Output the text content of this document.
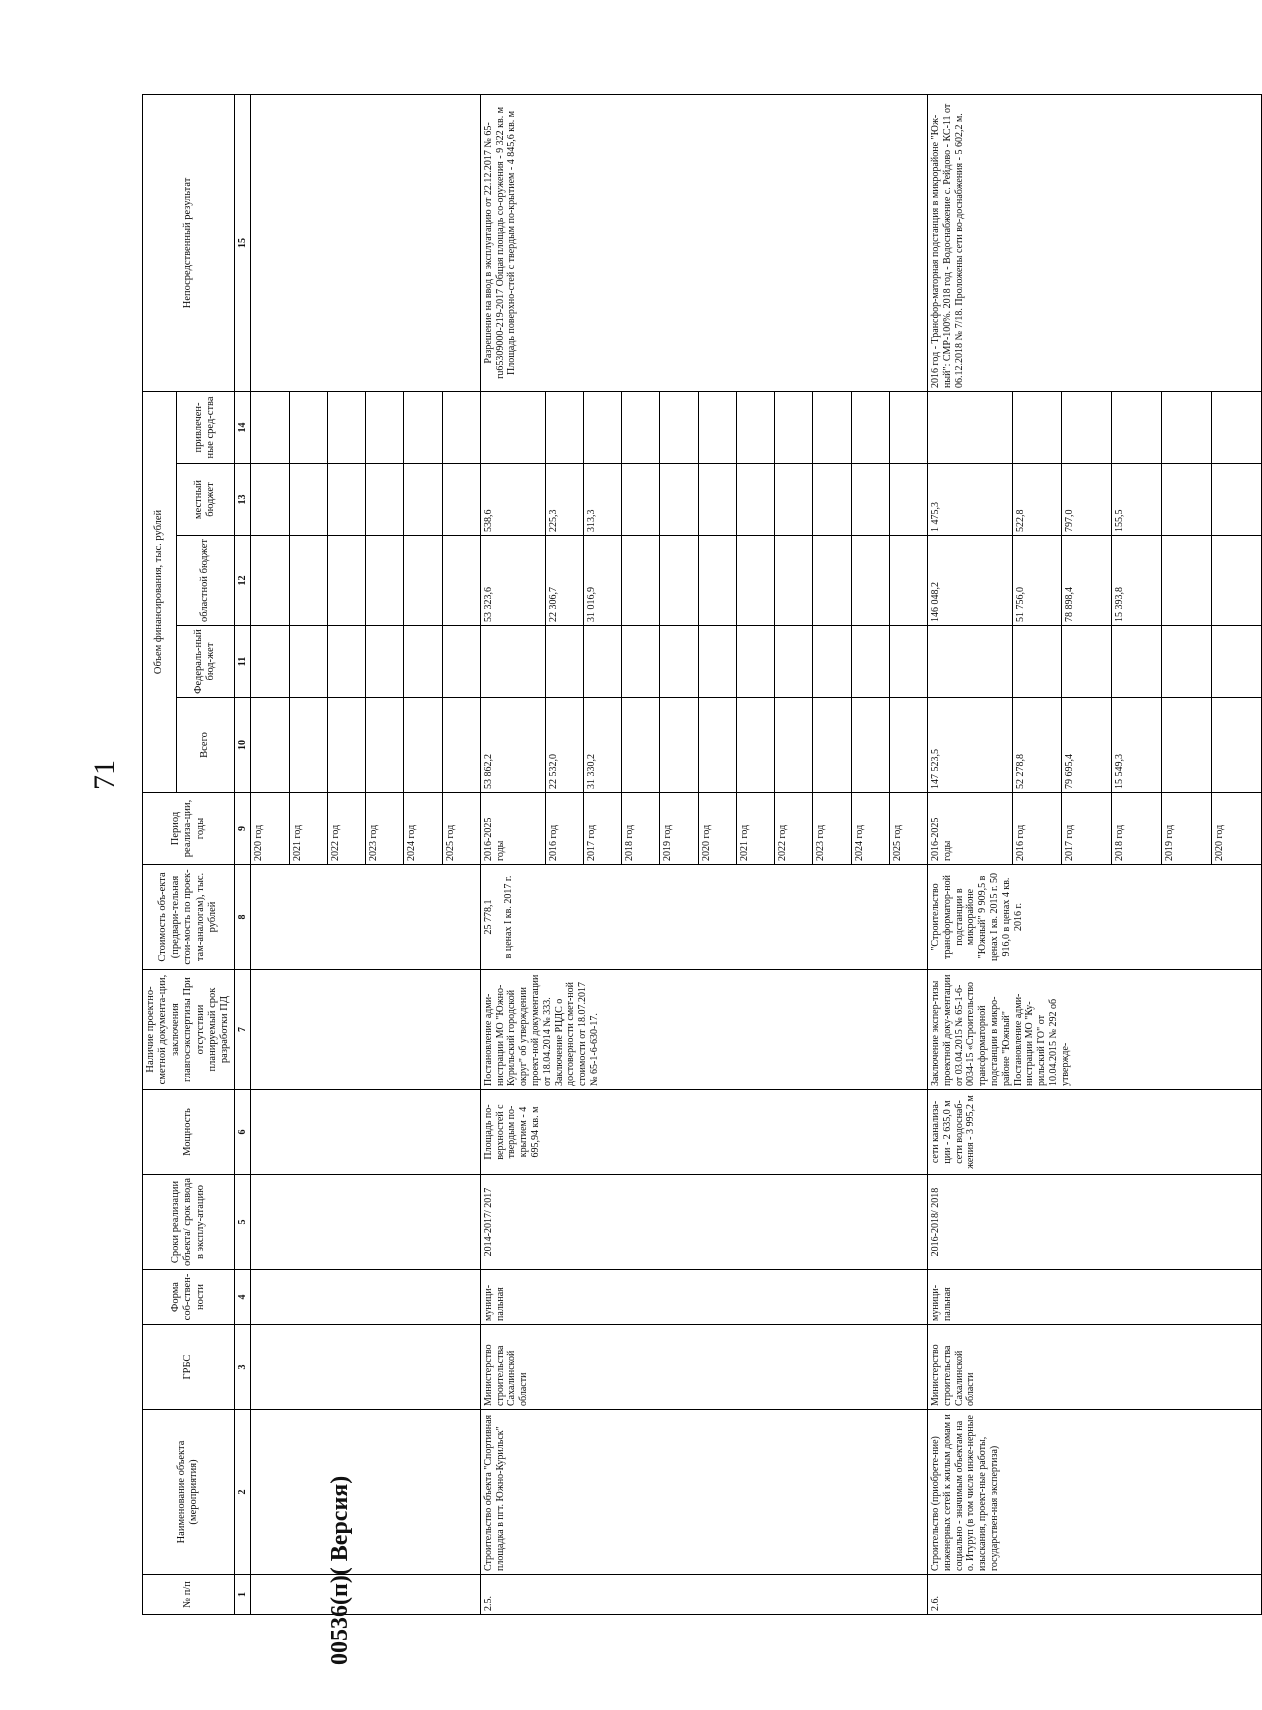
71
№ п/п	Наименование объекта (мероприятия)	ГРБС	Форма соб-ствен-ности	Сроки реализации объекта/ срок ввода в эксплу-атацию	Мощность	Наличие проектно-сметной документа-ции, заключения главгосэкспертизы При отсутствии планируемый срок разработки ПД	Стоимость объ-екта (предвари-тельная стои-мость по проек-там-аналогам), тыс. рублей	Период реализа-ции, годы	Объем финансирования, тыс. рублей					Непосредственный результат
									Всего	Федераль-ный бюд-жет	областной бюджет	местный бюджет	привлечен-ные сред-ства	
1	2	3	4	5	6	7	8	9	10	11	12	13	14	15
								2020 год						
								2021 год						
								2022 год						
								2023 год						
								2024 год						
								2025 год						
2.5.	Строительство объекта "Спортивная площадка в пгт. Южно-Курильск"	Министерство строительства Сахалинской области	муници-пальная	2014-2017/ 2017	Площадь по-верхностей с твердым по-крытием - 4 695,94 кв. м	Постановление адми-нистрации МО "Южно-Курильский городской округ" об утверждении проект-ной документации от 18.04.2014 № 333. Заключение РЦДС о достоверности смет-ной стоимости от 18.07.2017 № 65-1-6-630-17.	25 778,1 в ценах I кв. 2017 г.	2016-2025 годы	53 862,2		53 323,6	538,6		Разрешение на ввод в эксплуатацию от 22.12.2017 № 65-ru65309000-219-2017 Общая площадь со-оружения - 9 322 кв. м Площадь поверхно-стей с твердым по-крытием - 4 845,6 кв. м
								2016 год	22 532,0		22 306,7	225,3		
								2017 год	31 330,2		31 016,9	313,3		
								2018 год						
								2019 год						
								2020 год						
								2021 год						
								2022 год						
								2023 год						
								2024 год						
								2025 год						
2.6.	Строительство (приобрете-ние) инженерных сетей к жилым домам и социально - значимым объектам на о. Итуруп (в том числе инже-нерные изыскания, проект-ные работы, государствен-ная экспертиза)	Министерство строительства Сахалинской области	муници-пальная	2016-2018/ 2018	сети канализа-ции - 2 635,0 м сети водоснаб-жения - 3 995,2 м	Заключение экспер-тизы проектной доку-ментации от 03.04.2015 № 65-1-6-0034-15 «Строительство трансформаторной подстанции в микро-районе "Южный" Постановление адми-нистрации МО "Ку-рильский ГО" от 10.04.2015 № 292 об утвержде-	"Строительство трансформатор-ной подстанции в микрорайоне "Южный" 9 909,5 в ценах I кв. 2015 г. 50 916,0 в ценах 4 кв. 2016 г.	2016-2025 годы	147 523,5		146 048,2	1 475,3		2016 год - Трансфор-маторная подстанция в микрорайоне "Юж-ный": СМР-100%. 2018 год - Водоснабжение с. Рейдово - КС-11 от 06.12.2018 № 7/18. Проложены сети во-доснабжения - 5 602,2 м.
								2016 год	52 278,8		51 756,0	522,8		
								2017 год	79 695,4		78 898,4	797,0		
								2018 год	15 549,3		15 393,8	155,5		
								2019 год						
								2020 год						
00536(п)( Версия)
